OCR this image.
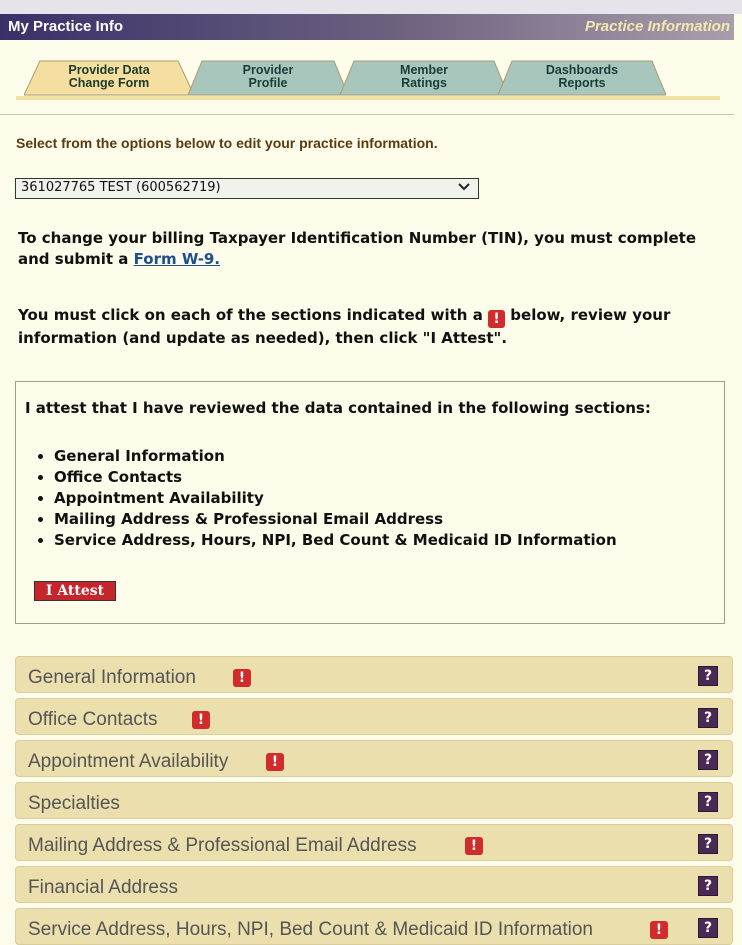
My Practice Info	Practice Information
Provider Data
Change Form
Provider
Profile
Member
Ratings
Dashboards
Reports
Select from the options below to edit your practice information.
361027765 TEST (600562719)
To change your billing Taxpayer Identification Number (TIN), you must complete and submit a Form W-9.
You must click on each of the sections indicated with a ! below, review your information (and update as needed), then click "I Attest".
I attest that I have reviewed the data contained in the following sections:
• General Information
• Office Contacts
• Appointment Availability
• Mailing Address & Professional Email Address
• Service Address, Hours, NPI, Bed Count & Medicaid ID Information
I Attest
General Information	!	?
Office Contacts	!	?
Appointment Availability	!	?
Specialties	?
Mailing Address & Professional Email Address	!	?
Financial Address	?
Service Address, Hours, NPI, Bed Count & Medicaid ID Information	!	?
